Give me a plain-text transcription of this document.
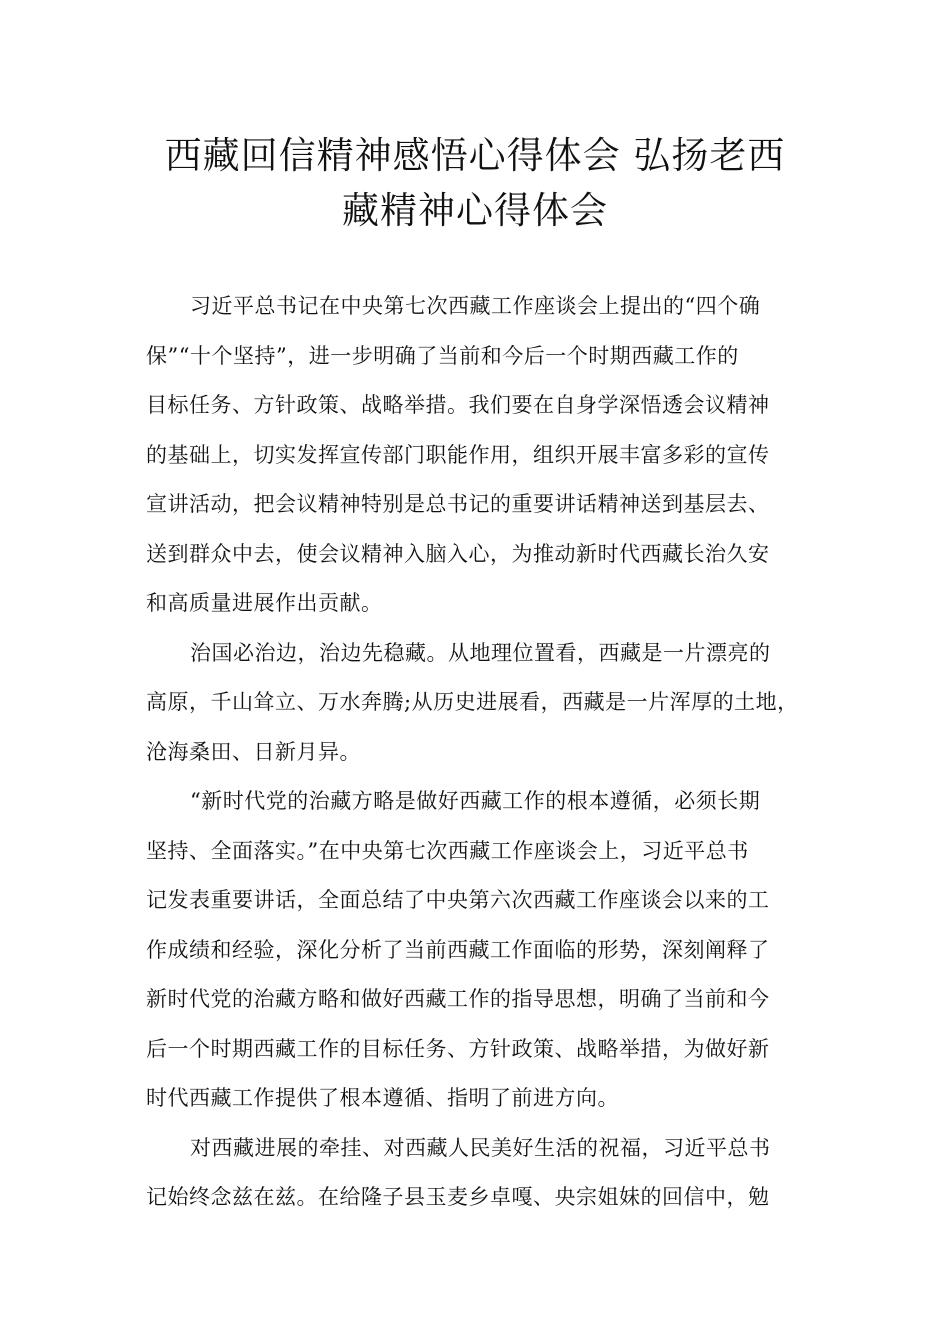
西藏回信精神感悟心得体会 弘扬老西
藏精神心得体会
习近平总书记在中央第七次西藏工作座谈会上提出的“四个确
保”“十个坚持”，进一步明确了当前和今后一个时期西藏工作的
目标任务、方针政策、战略举措。我们要在自身学深悟透会议精神
的基础上，切实发挥宣传部门职能作用，组织开展丰富多彩的宣传
宣讲活动，把会议精神特别是总书记的重要讲话精神送到基层去、
送到群众中去，使会议精神入脑入心，为推动新时代西藏长治久安
和高质量进展作出贡献。
治国必治边，治边先稳藏。从地理位置看，西藏是一片漂亮的
高原，千山耸立、万水奔腾;从历史进展看，西藏是一片浑厚的土地，
沧海桑田、日新月异。
“新时代党的治藏方略是做好西藏工作的根本遵循，必须长期
坚持、全面落实。”在中央第七次西藏工作座谈会上，习近平总书
记发表重要讲话，全面总结了中央第六次西藏工作座谈会以来的工
作成绩和经验，深化分析了当前西藏工作面临的形势，深刻阐释了
新时代党的治藏方略和做好西藏工作的指导思想，明确了当前和今
后一个时期西藏工作的目标任务、方针政策、战略举措，为做好新
时代西藏工作提供了根本遵循、指明了前进方向。
对西藏进展的牵挂、对西藏人民美好生活的祝福，习近平总书
记始终念兹在兹。在给隆子县玉麦乡卓嘎、央宗姐妹的回信中，勉
